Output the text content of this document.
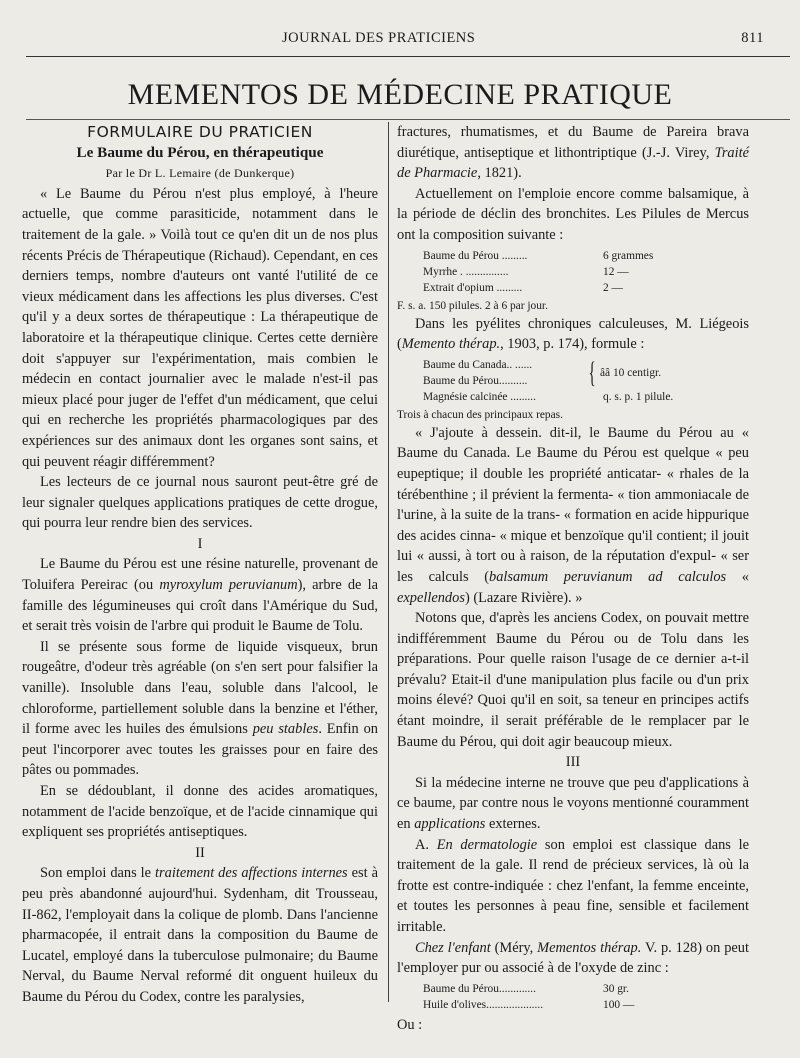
JOURNAL DES PRATICIENS	811
MEMENTOS DE MÉDECINE PRATIQUE

FORMULAIRE DU PRATICIEN

Le Baume du Pérou, en thérapeutique

Par le Dr L. Lemaire (de Dunkerque)

« Le Baume du Pérou n'est plus employé, à l'heure actuelle, que comme parasiticide, notamment dans le traitement de la gale. » Voilà tout ce qu'en dit un de nos plus récents Précis de Thérapeutique (Richaud). Cependant, en ces derniers temps, nombre d'auteurs ont vanté l'utilité de ce vieux médicament dans les affections les plus diverses. C'est qu'il y a deux sortes de thérapeutique : La thérapeutique de laboratoire et la thérapeutique clinique. Certes cette dernière doit s'appuyer sur l'expérimentation, mais combien le médecin en contact journalier avec le malade n'est-il pas mieux placé pour juger de l'effet d'un médicament, que celui qui en recherche les propriétés pharmacologiques par des expériences sur des animaux dont les organes sont sains, et qui peuvent réagir différemment?

Les lecteurs de ce journal nous sauront peut-être gré de leur signaler quelques applications pratiques de cette drogue, qui pourra leur rendre bien des services.

I

Le Baume du Pérou est une résine naturelle, provenant de Toluifera Pereirac (ou myroxylum peruvianum), arbre de la famille des légumineuses qui croît dans l'Amérique du Sud, et serait très voisin de l'arbre qui produit le Baume de Tolu.

Il se présente sous forme de liquide visqueux, brun rougeâtre, d'odeur très agréable (on s'en sert pour falsifier la vanille). Insoluble dans l'eau, soluble dans l'alcool, le chloroforme, partiellement soluble dans la benzine et l'éther, il forme avec les huiles des émulsions peu stables. Enfin on peut l'incorporer avec toutes les graisses pour en faire des pâtes ou pommades.

En se dédoublant, il donne des acides aromatiques, notamment de l'acide benzoïque, et de l'acide cinnamique qui expliquent ses propriétés antiseptiques.

II

Son emploi dans le traitement des affections internes est à peu près abandonné aujourd'hui. Sydenham, dit Trousseau, II-862, l'employait dans la colique de plomb. Dans l'ancienne pharmacopée, il entrait dans la composition du Baume de Lucatel, employé dans la tuberculose pulmonaire; du Baume Nerval, du Baume Nerval reformé dit onguent huileux du Baume du Pérou du Codex, contre les paralysies,

fractures, rhumatismes, et du Baume de Pareira brava diurétique, antiseptique et lithontriptique (J.-J. Virey, Traité de Pharmacie, 1821).

Actuellement on l'emploie encore comme balsamique, à la période de déclin des bronchites. Les Pilules de Mercus ont la composition suivante :

Baume du Pérou .........	6 grammes
Myrrhe . ...............	12 —
Extrait d'opium .........	2 —

F. s. a. 150 pilules. 2 à 6 par jour.

Dans les pyélites chroniques calculeuses, M. Liégeois (Memento thérap., 1903, p. 174), formule :

Baume du Canada.. ......
Baume du Pérou..........	{ ââ 10 centigr.
Magnésie calcinée .........	q. s. p. 1 pilule.

Trois à chacun des principaux repas.

« J'ajoute à dessein. dit-il, le Baume du Pérou au « Baume du Canada. Le Baume du Pérou est quelque « peu eupeptique; il double les propriété anticatar- « rhales de la térébenthine ; il prévient la fermenta- « tion ammoniacale de l'urine, à la suite de la trans- « formation en acide hippurique des acides cinna- « mique et benzoïque qu'il contient; il jouit lui « aussi, à tort ou à raison, de la réputation d'expul- « ser les calculs (balsamum peruvianum ad calculos « expellendos) (Lazare Rivière). »

Notons que, d'après les anciens Codex, on pouvait mettre indifféremment Baume du Pérou ou de Tolu dans les préparations. Pour quelle raison l'usage de ce dernier a-t-il prévalu? Etait-il d'une manipulation plus facile ou d'un prix moins élevé? Quoi qu'il en soit, sa teneur en principes actifs étant moindre, il serait préférable de le remplacer par le Baume du Pérou, qui doit agir beaucoup mieux.

III

Si la médecine interne ne trouve que peu d'applications à ce baume, par contre nous le voyons mentionné couramment en applications externes.

A. En dermatologie son emploi est classique dans le traitement de la gale. Il rend de précieux services, là où la frotte est contre-indiquée : chez l'enfant, la femme enceinte, et toutes les personnes à peau fine, sensible et facilement irritable.

Chez l'enfant (Méry, Mementos thérap. V. p. 128) on peut l'employer pur ou associé à de l'oxyde de zinc :

Baume du Pérou.............	30 gr.
Huile d'olives....................	100 —

Ou :
